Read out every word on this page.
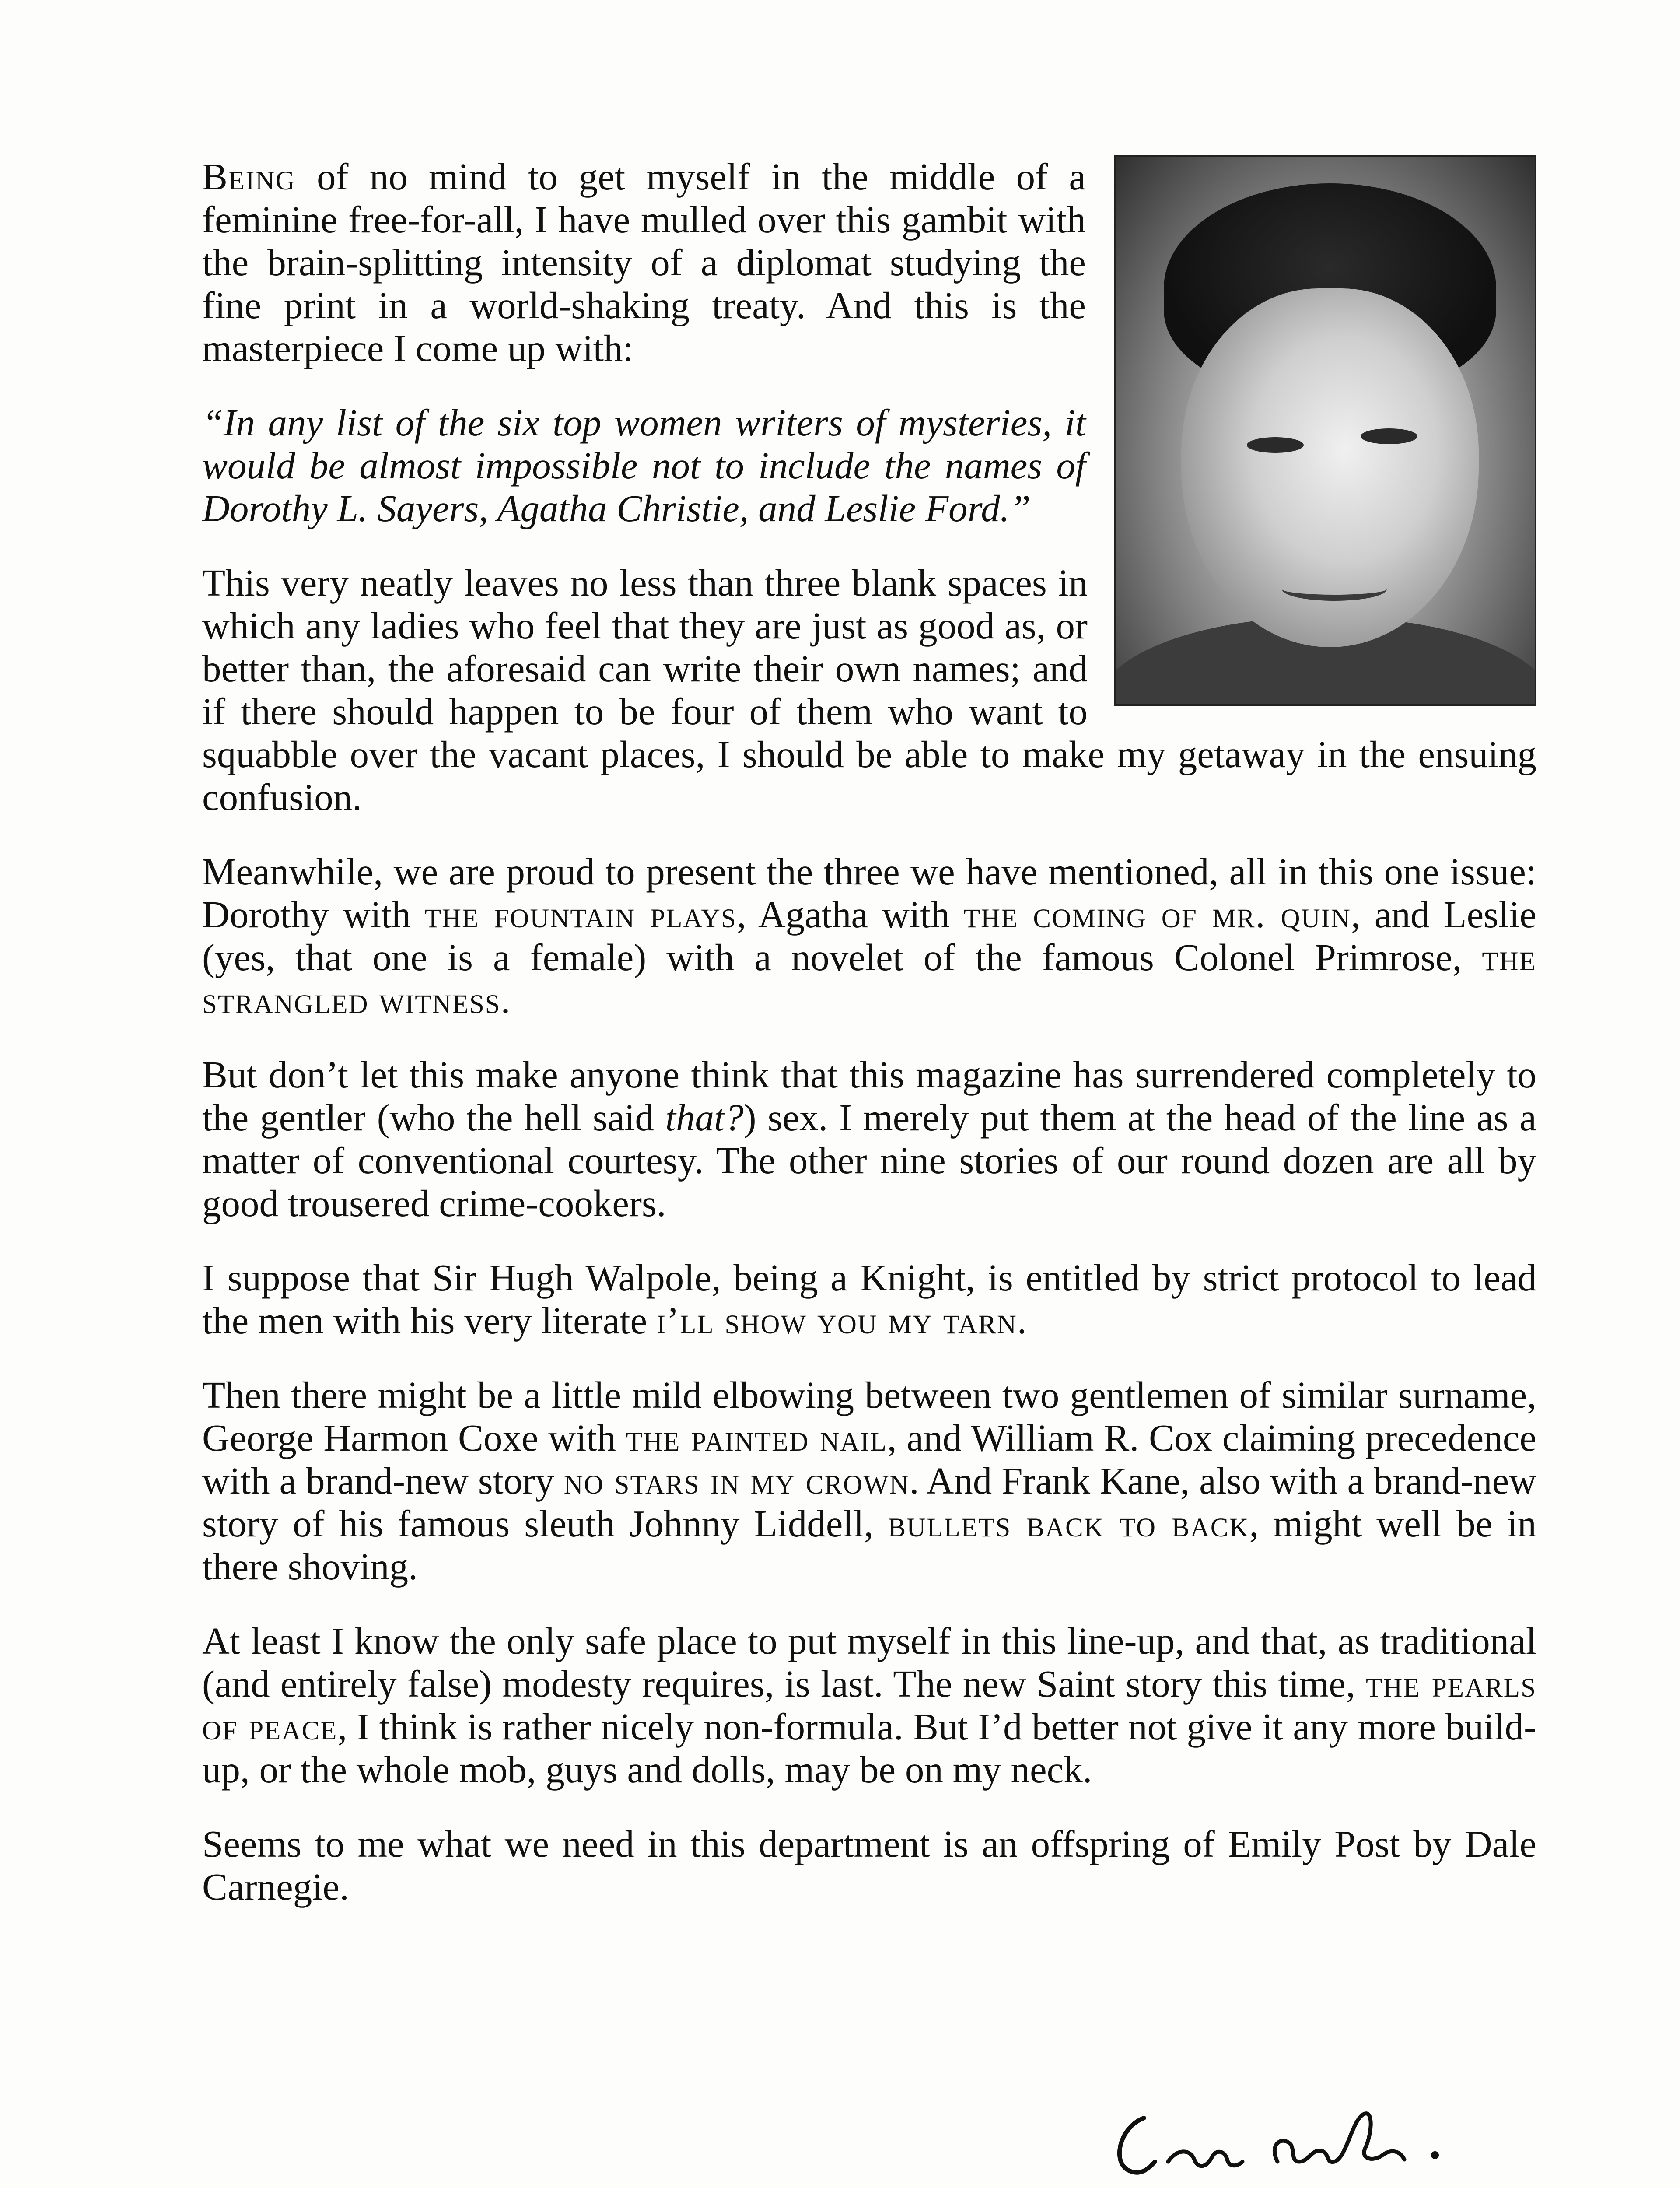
Being of no mind to get myself in the middle of a feminine free-for-all, I have mulled over this gambit with the brain-splitting intensity of a diplomat studying the fine print in a world-shaking treaty. And this is the masterpiece I come up with:

“In any list of the six top women writers of mysteries, it would be almost impossible not to include the names of Dorothy L. Sayers, Agatha Christie, and Leslie Ford.”

This very neatly leaves no less than three blank spaces in which any ladies who feel that they are just as good as, or better than, the aforesaid can write their own names; and if there should happen to be four of them who want to squabble over the vacant places, I should be able to make my getaway in the ensuing confusion.

Meanwhile, we are proud to present the three we have mentioned, all in this one issue: Dorothy with the fountain plays, Agatha with the coming of mr. quin, and Leslie (yes, that one is a female) with a novelet of the famous Colonel Primrose, the strangled witness.

But don’t let this make anyone think that this magazine has surrendered completely to the gentler (who the hell said that?) sex. I merely put them at the head of the line as a matter of conventional courtesy. The other nine stories of our round dozen are all by good trousered crime-cookers.

I suppose that Sir Hugh Walpole, being a Knight, is entitled by strict protocol to lead the men with his very literate i’ll show you my tarn.

Then there might be a little mild elbowing between two gentlemen of similar surname, George Harmon Coxe with the painted nail, and William R. Cox claiming precedence with a brand-new story no stars in my crown. And Frank Kane, also with a brand-new story of his famous sleuth Johnny Liddell, bullets back to back, might well be in there shoving.

At least I know the only safe place to put myself in this line-up, and that, as traditional (and entirely false) modesty requires, is last. The new Saint story this time, the pearls of peace, I think is rather nicely non-formula. But I’d better not give it any more build-up, or the whole mob, guys and dolls, may be on my neck.

Seems to me what we need in this department is an offspring of Emily Post by Dale Carnegie.
